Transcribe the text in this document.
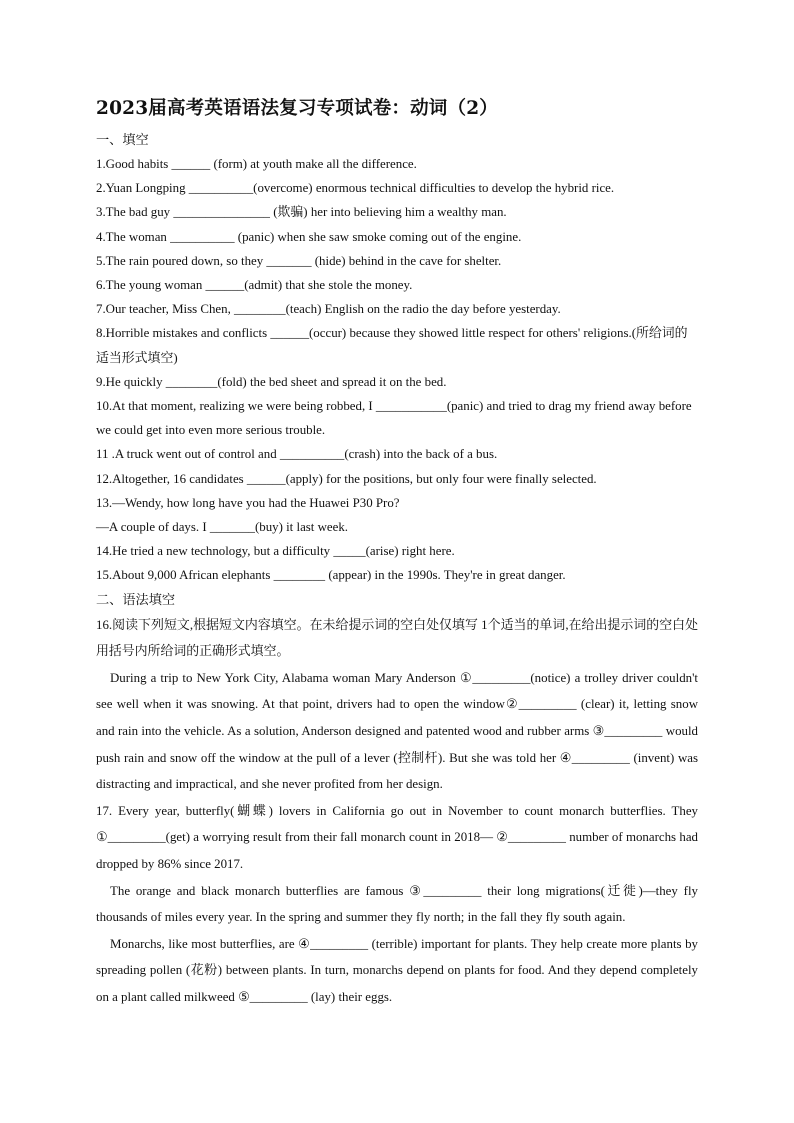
2023届高考英语语法复习专项试卷：动词（2）
一、填空
1.Good habits ______ (form) at youth make all the difference.
2.Yuan Longping __________(overcome) enormous technical difficulties to develop the hybrid rice.
3.The bad guy _______________ (欺骗) her into believing him a wealthy man.
4.The woman __________ (panic) when she saw smoke coming out of the engine.
5.The rain poured down, so they _______ (hide) behind in the cave for shelter.
6.The young woman ______(admit) that she stole the money.
7.Our teacher, Miss Chen, ________(teach) English on the radio the day before yesterday.
8.Horrible mistakes and conflicts ______(occur) because they showed little respect for others' religions.(所给词的适当形式填空)
9.He quickly ________(fold) the bed sheet and spread it on the bed.
10.At that moment, realizing we were being robbed, I ___________(panic) and tried to drag my friend away before we could get into even more serious trouble.
11 .A truck went out of control and __________(crash) into the back of a bus.
12.Altogether, 16 candidates ______(apply) for the positions, but only four were finally selected.
13.—Wendy, how long have you had the Huawei P30 Pro?
—A couple of days. I _______(buy) it last week.
14.He tried a new technology, but a difficulty _____(arise) right here.
15.About 9,000 African elephants ________ (appear) in the 1990s. They're in great danger.
二、语法填空
16.阅读下列短文,根据短文内容填空。在未给提示词的空白处仅填写 1个适当的单词,在给出提示词的空白处用括号内所给词的正确形式填空。
During a trip to New York City, Alabama woman Mary Anderson ①_________(notice) a trolley driver couldn't see well when it was snowing. At that point, drivers had to open the window②_________ (clear) it, letting snow and rain into the vehicle. As a solution, Anderson designed and patented wood and rubber arms ③_________ would push rain and snow off the window at the pull of a lever (控制杆). But she was told her ④_________ (invent) was distracting and impractical, and she never profited from her design.
17. Every year, butterfly(蝴蝶) lovers in California go out in November to count monarch butterflies. They ①_________(get) a worrying result from their fall monarch count in 2018— ②_________ number of monarchs had dropped by 86% since 2017.
The orange and black monarch butterflies are famous ③_________ their long migrations(迁徙)—they fly thousands of miles every year. In the spring and summer they fly north; in the fall they fly south again.
Monarchs, like most butterflies, are ④_________ (terrible) important for plants. They help create more plants by spreading pollen (花粉) between plants. In turn, monarchs depend on plants for food. And they depend completely on a plant called milkweed ⑤_________ (lay) their eggs.
